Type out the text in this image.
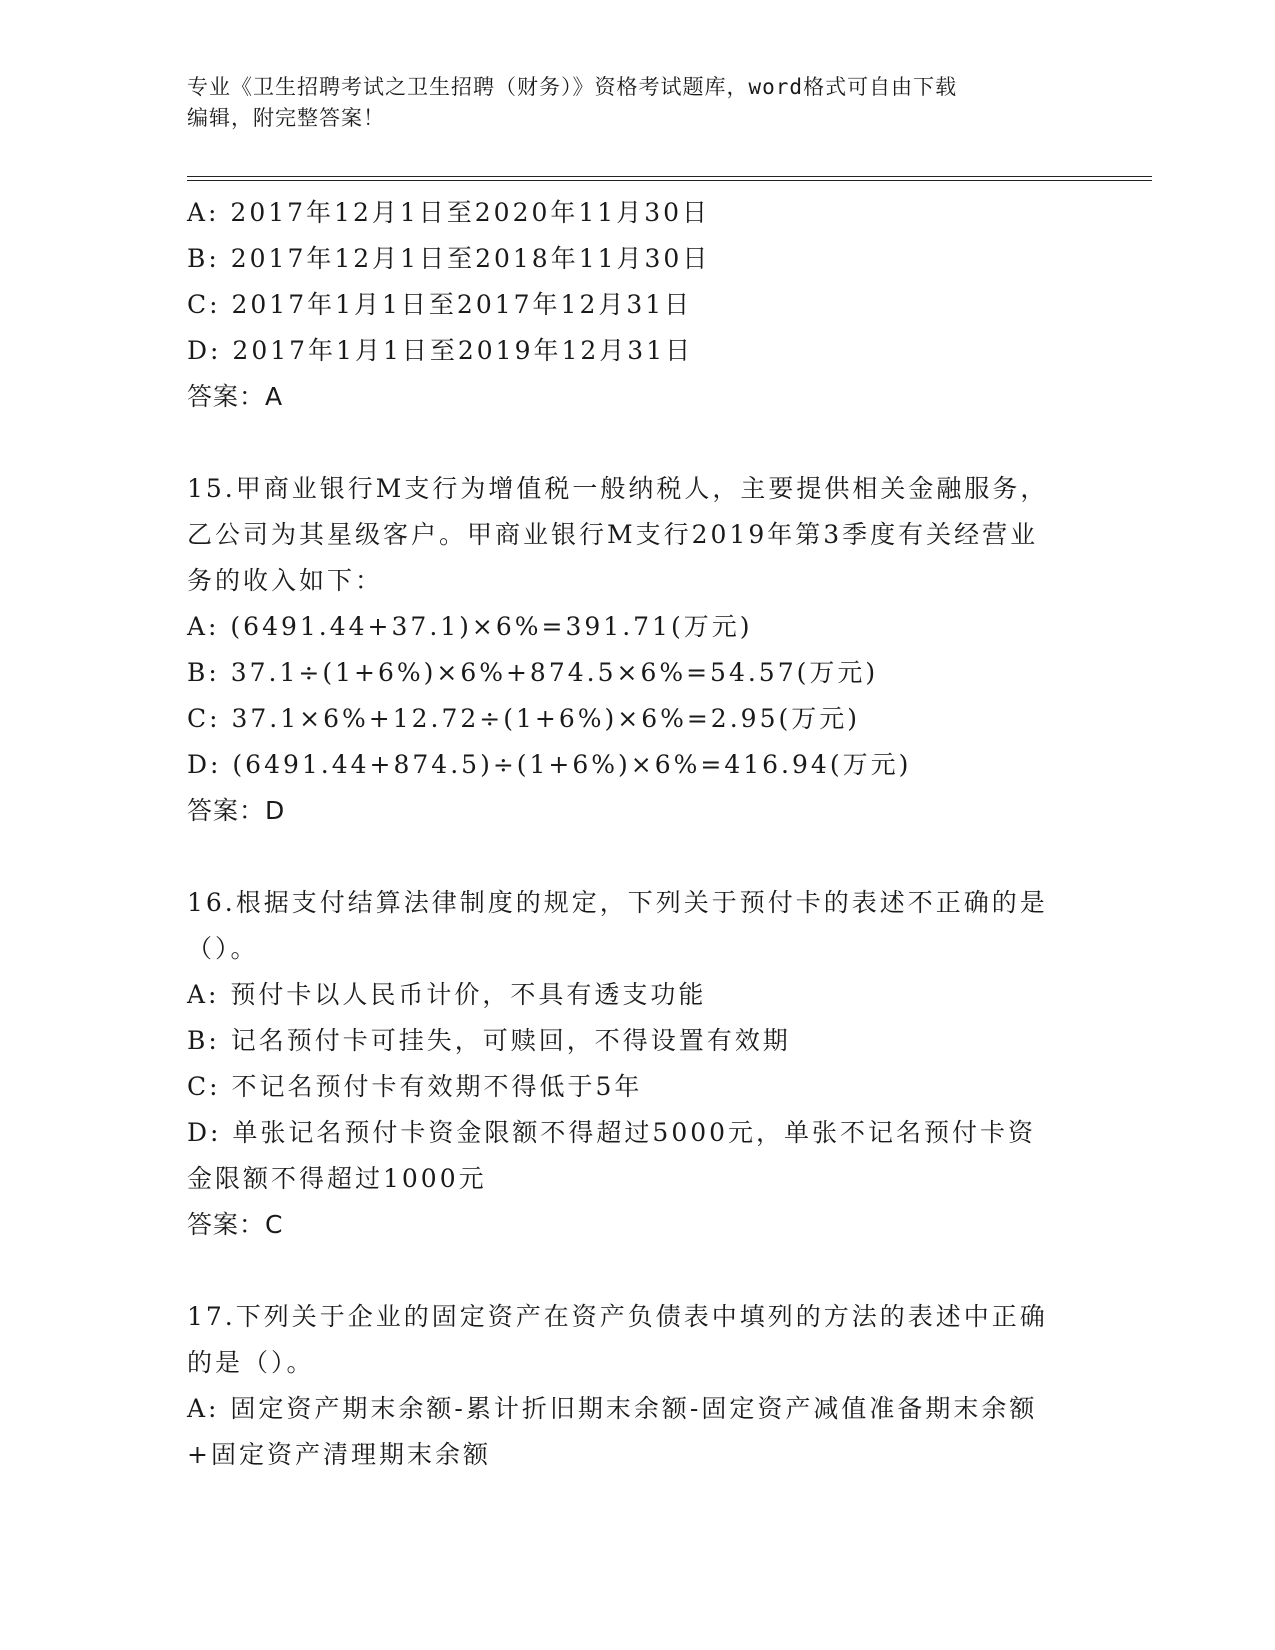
专业《卫生招聘考试之卫生招聘（财务）》资格考试题库，word格式可自由下载
编辑，附完整答案！
A: 2017年12月1日至2020年11月30日
B: 2017年12月1日至2018年11月30日
C: 2017年1月1日至2017年12月31日
D: 2017年1月1日至2019年12月31日
答案：A
15.甲商业银行M支行为增值税一般纳税人，主要提供相关金融服务，
乙公司为其星级客户。甲商业银行M支行2019年第3季度有关经营业
务的收入如下：
A: (6491.44+37.1)×6%=391.71(万元)
B: 37.1÷(1+6%)×6%+874.5×6%=54.57(万元)
C: 37.1×6%+12.72÷(1+6%)×6%=2.95(万元)
D: (6491.44+874.5)÷(1+6%)×6%=416.94(万元)
答案：D
16.根据支付结算法律制度的规定，下列关于预付卡的表述不正确的是
（）。
A: 预付卡以人民币计价，不具有透支功能
B: 记名预付卡可挂失，可赎回，不得设置有效期
C: 不记名预付卡有效期不得低于5年
D: 单张记名预付卡资金限额不得超过5000元，单张不记名预付卡资
金限额不得超过1000元
答案：C
17.下列关于企业的固定资产在资产负债表中填列的方法的表述中正确
的是（）。
A: 固定资产期末余额-累计折旧期末余额-固定资产减值准备期末余额
+固定资产清理期末余额
